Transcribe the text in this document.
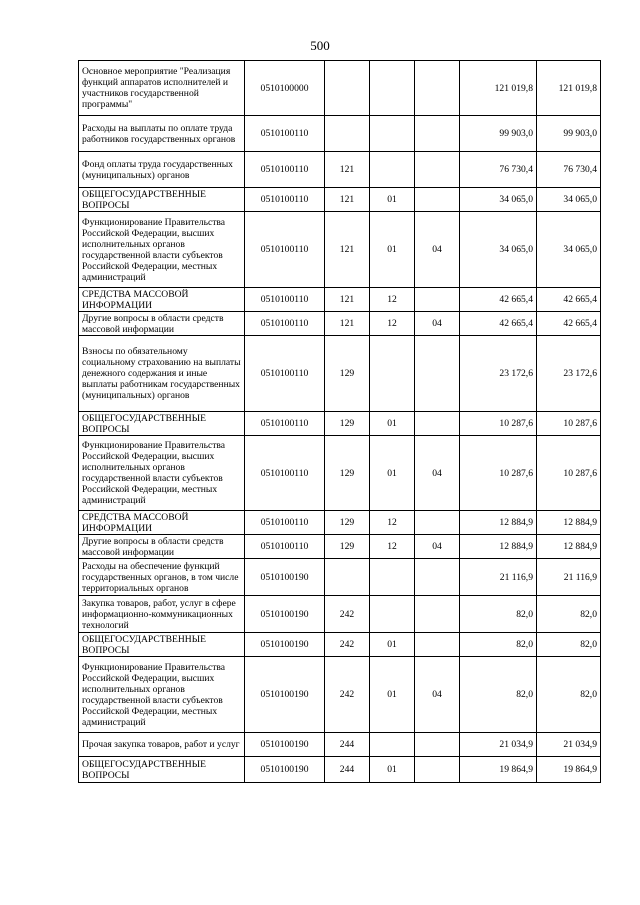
500
Основное мероприятие "Реализация функций аппаратов исполнителей и участников государственной программы"	0510100000				121 019,8	121 019,8
Расходы на выплаты по оплате труда работников государственных органов	0510100110				99 903,0	99 903,0
Фонд оплаты труда государственных (муниципальных) органов	0510100110	121			76 730,4	76 730,4
ОБЩЕГОСУДАРСТВЕННЫЕ ВОПРОСЫ	0510100110	121	01		34 065,0	34 065,0
Функционирование Правительства Российской Федерации, высших исполнительных органов государственной власти субъектов Российской Федерации, местных администраций	0510100110	121	01	04	34 065,0	34 065,0
СРЕДСТВА МАССОВОЙ ИНФОРМАЦИИ	0510100110	121	12		42 665,4	42 665,4
Другие вопросы в области средств массовой информации	0510100110	121	12	04	42 665,4	42 665,4
Взносы по обязательному социальному страхованию на выплаты денежного содержания и иные выплаты работникам государственных (муниципальных) органов	0510100110	129			23 172,6	23 172,6
ОБЩЕГОСУДАРСТВЕННЫЕ ВОПРОСЫ	0510100110	129	01		10 287,6	10 287,6
Функционирование Правительства Российской Федерации, высших исполнительных органов государственной власти субъектов Российской Федерации, местных администраций	0510100110	129	01	04	10 287,6	10 287,6
СРЕДСТВА МАССОВОЙ ИНФОРМАЦИИ	0510100110	129	12		12 884,9	12 884,9
Другие вопросы в области средств массовой информации	0510100110	129	12	04	12 884,9	12 884,9
Расходы на обеспечение функций государственных органов, в том числе территориальных органов	0510100190				21 116,9	21 116,9
Закупка товаров, работ, услуг в сфере информационно-коммуникационных технологий	0510100190	242			82,0	82,0
ОБЩЕГОСУДАРСТВЕННЫЕ ВОПРОСЫ	0510100190	242	01		82,0	82,0
Функционирование Правительства Российской Федерации, высших исполнительных органов государственной власти субъектов Российской Федерации, местных администраций	0510100190	242	01	04	82,0	82,0
Прочая закупка товаров, работ и услуг	0510100190	244			21 034,9	21 034,9
ОБЩЕГОСУДАРСТВЕННЫЕ ВОПРОСЫ	0510100190	244	01		19 864,9	19 864,9
